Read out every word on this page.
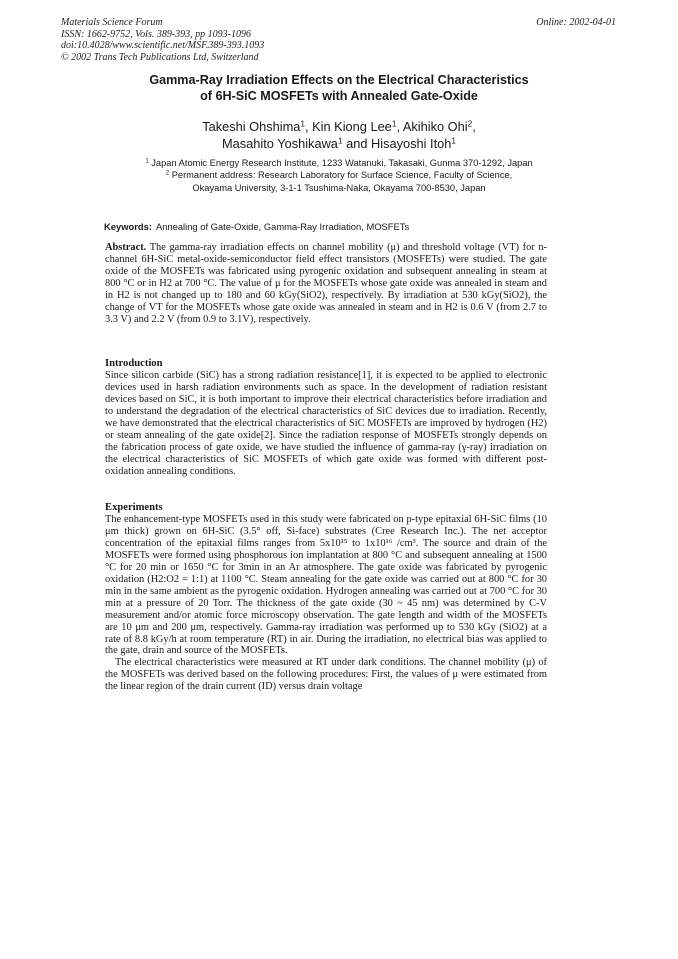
Materials Science Forum
ISSN: 1662-9752, Vols. 389-393, pp 1093-1096
doi:10.4028/www.scientific.net/MSF.389-393.1093
© 2002 Trans Tech Publications Ltd, Switzerland
Online: 2002-04-01
Gamma-Ray Irradiation Effects on the Electrical Characteristics
of 6H-SiC MOSFETs with Annealed Gate-Oxide
Takeshi Ohshima$^1$, Kin Kiong Lee$^1$, Akihiko Ohi$^2$,
Masahito Yoshikawa$^1$ and Hisayoshi Itoh$^1$
$^1$ Japan Atomic Energy Research Institute, 1233 Watanuki, Takasaki, Gunma 370-1292, Japan
$^2$ Permanent address: Research Laboratory for Surface Science, Faculty of Science,
Okayama University, 3-1-1 Tsushima-Naka, Okayama 700-8530, Japan
Keywords: Annealing of Gate-Oxide, Gamma-Ray Irradiation, MOSFETs
Abstract. The gamma-ray irradiation effects on channel mobility (μ) and threshold voltage (VT) for n-channel 6H-SiC metal-oxide-semiconductor field effect transistors (MOSFETs) were studied. The gate oxide of the MOSFETs was fabricated using pyrogenic oxidation and subsequent annealing in steam at 800 °C or in H2 at 700 °C. The value of μ for the MOSFETs whose gate oxide was annealed in steam and in H2 is not changed up to 180 and 60 kGy(SiO2), respectively. By irradiation at 530 kGy(SiO2), the change of VT for the MOSFETs whose gate oxide was annealed in steam and in H2 is 0.6 V (from 2.7 to 3.3 V) and 2.2 V (from 0.9 to 3.1V), respectively.
Introduction
Since silicon carbide (SiC) has a strong radiation resistance[1], it is expected to be applied to electronic devices used in harsh radiation environments such as space. In the development of radiation resistant devices based on SiC, it is both important to improve their electrical characteristics before irradiation and to understand the degradation of the electrical characteristics of SiC devices due to irradiation. Recently, we have demonstrated that the electrical characteristics of SiC MOSFETs are improved by hydrogen (H2) or steam annealing of the gate oxide[2]. Since the radiation response of MOSFETs strongly depends on the fabrication process of gate oxide, we have studied the influence of gamma-ray (γ-ray) irradiation on the electrical characteristics of SiC MOSFETs of which gate oxide was formed with different post-oxidation annealing conditions.
Experiments
The enhancement-type MOSFETs used in this study were fabricated on p-type epitaxial 6H-SiC films (10 μm thick) grown on 6H-SiC (3.5° off, Si-face) substrates (Cree Research Inc.). The net acceptor concentration of the epitaxial films ranges from 5x10¹⁵ to 1x10¹⁶ /cm³. The source and drain of the MOSFETs were formed using phosphorous ion implantation at 800 °C and subsequent annealing at 1500 °C for 20 min or 1650 °C for 3min in an Ar atmosphere. The gate oxide was fabricated by pyrogenic oxidation (H2:O2 = 1:1) at 1100 °C. Steam annealing for the gate oxide was carried out at 800 °C for 30 min in the same ambient as the pyrogenic oxidation. Hydrogen annealing was carried out at 700 °C for 30 min at a pressure of 20 Torr. The thickness of the gate oxide (30 ~ 45 nm) was determined by C-V measurement and/or atomic force microscopy observation. The gate length and width of the MOSFETs are 10 μm and 200 μm, respectively. Gamma-ray irradiation was performed up to 530 kGy (SiO2) at a rate of 8.8 kGy/h at room temperature (RT) in air. During the irradiation, no electrical bias was applied to the gate, drain and source of the MOSFETs.
The electrical characteristics were measured at RT under dark conditions. The channel mobility (μ) of the MOSFETs was derived based on the following procedures: First, the values of μ were estimated from the linear region of the drain current (ID) versus drain voltage
